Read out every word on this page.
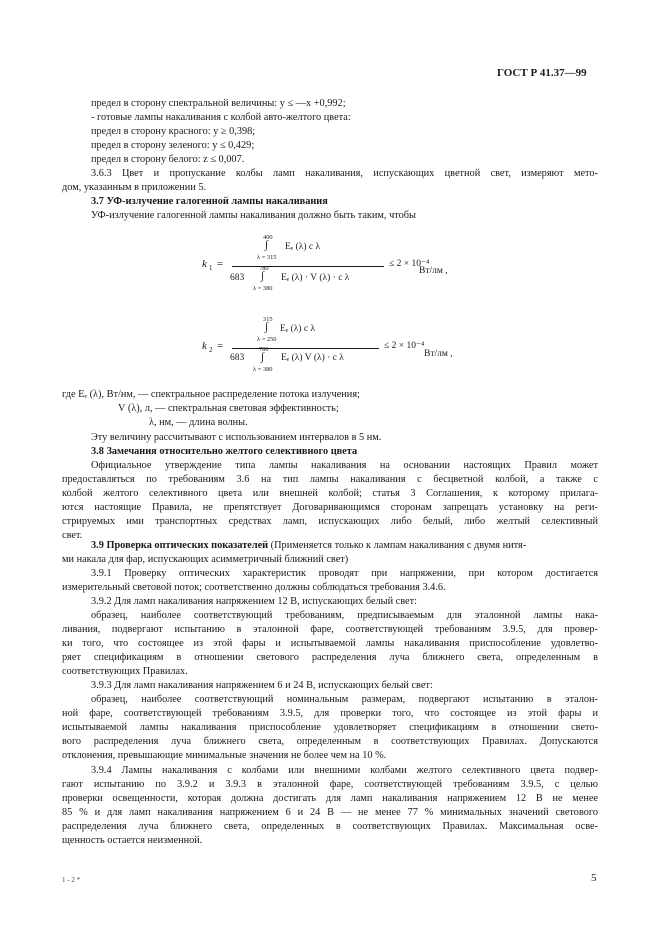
ГОСТ Р 41.37—99
предел в сторону спектральной величины: y ≤ —x +0,992;
- готовые лампы накаливания с колбой авто-желтого цвета:
предел в сторону красного: y ≥ 0,398;
предел в сторону зеленого: y ≤ 0,429;
предел в сторону белого: z ≤ 0,007.
3.6.3 Цвет и пропускание колбы ламп накаливания, испускающих цветной свет, измеряют мето-
дом, указанным в приложении 5.
3.7 УФ-излучение галогенной лампы накаливания
УФ-излучение галогенной лампы накаливания должно быть таким, чтобы
k 1 =
400
∫
λ = 315
Eₑ (λ) с λ
683
780
∫
λ = 380
Eₑ (λ) · V (λ) · с λ
≤ 2 × 10⁻⁴
Вт/лм ,
k 2 =
315
∫
λ = 250
Eₑ (λ) с λ
683
780
∫
λ = 380
Eₑ (λ) V (λ) · с λ
≤ 2 × 10⁻⁴
Вт/лм ,
где Eₑ (λ), Вт/нм, — спектральное распределение потока излучения;
V (λ), л, — спектральная световая эффективность;
λ, нм, — длина волны.
Эту величину рассчитывают с использованием интервалов в 5 нм.
3.8 Замечания относительно желтого селективного цвета
Официальное утверждение типа лампы накаливания на основании настоящих Правил может
предоставляться по требованиям 3.6 на тип лампы накаливания с бесцветной колбой, а также с
колбой желтого селективного цвета или внешней колбой; статья 3 Соглашения, к которому прилага-
ются настоящие Правила, не препятствует Договаривающимся сторонам запрещать установку на реги-
стрируемых ими транспортных средствах ламп, испускающих либо белый, либо желтый селективный
свет.
3.9 Проверка оптических показателей (Применяется только к лампам накаливания с двумя нитя-
ми накала для фар, испускающих асимметричный ближний свет)
3.9.1 Проверку оптических характеристик проводят при напряжении, при котором достигается
измерительный световой поток; соответственно должны соблюдаться требования 3.4.6.
3.9.2 Для ламп накаливания напряжением 12 В, испускающих белый свет:
образец, наиболее соответствующий требованиям, предписываемым для эталонной лампы нака-
ливания, подвергают испытанию в эталонной фаре, соответствующей требованиям 3.9.5, для провер-
ки того, что состоящее из этой фары и испытываемой лампы накаливания приспособление удовлетво-
ряет спецификациям в отношении светового распределения луча ближнего света, определенным в
соответствующих Правилах.
3.9.3 Для ламп накаливания напряжением 6 и 24 В, испускающих белый свет:
образец, наиболее соответствующий номинальным размерам, подвергают испытанию в эталон-
ной фаре, соответствующей требованиям 3.9.5, для проверки того, что состоящее из этой фары и
испытываемой лампы накаливания приспособление удовлетворяет спецификациям в отношении свето-
вого распределения луча ближнего света, определенным в соответствующих Правилах. Допускаются
отклонения, превышающие минимальные значения не более чем на 10 %.
3.9.4 Лампы накаливания с колбами или внешними колбами желтого селективного цвета подвер-
гают испытанию по 3.9.2 и 3.9.3 в эталонной фаре, соответствующей требованиям 3.9.5, с целью
проверки освещенности, которая должна достигать для ламп накаливания напряжением 12 В не менее
85 % и для ламп накаливания напряжением 6 и 24 В — не менее 77 % минимальных значений светового
распределения луча ближнего света, определенных в соответствующих Правилах. Максимальная осве-
щенность остается неизменной.
1 - 2 *	5
